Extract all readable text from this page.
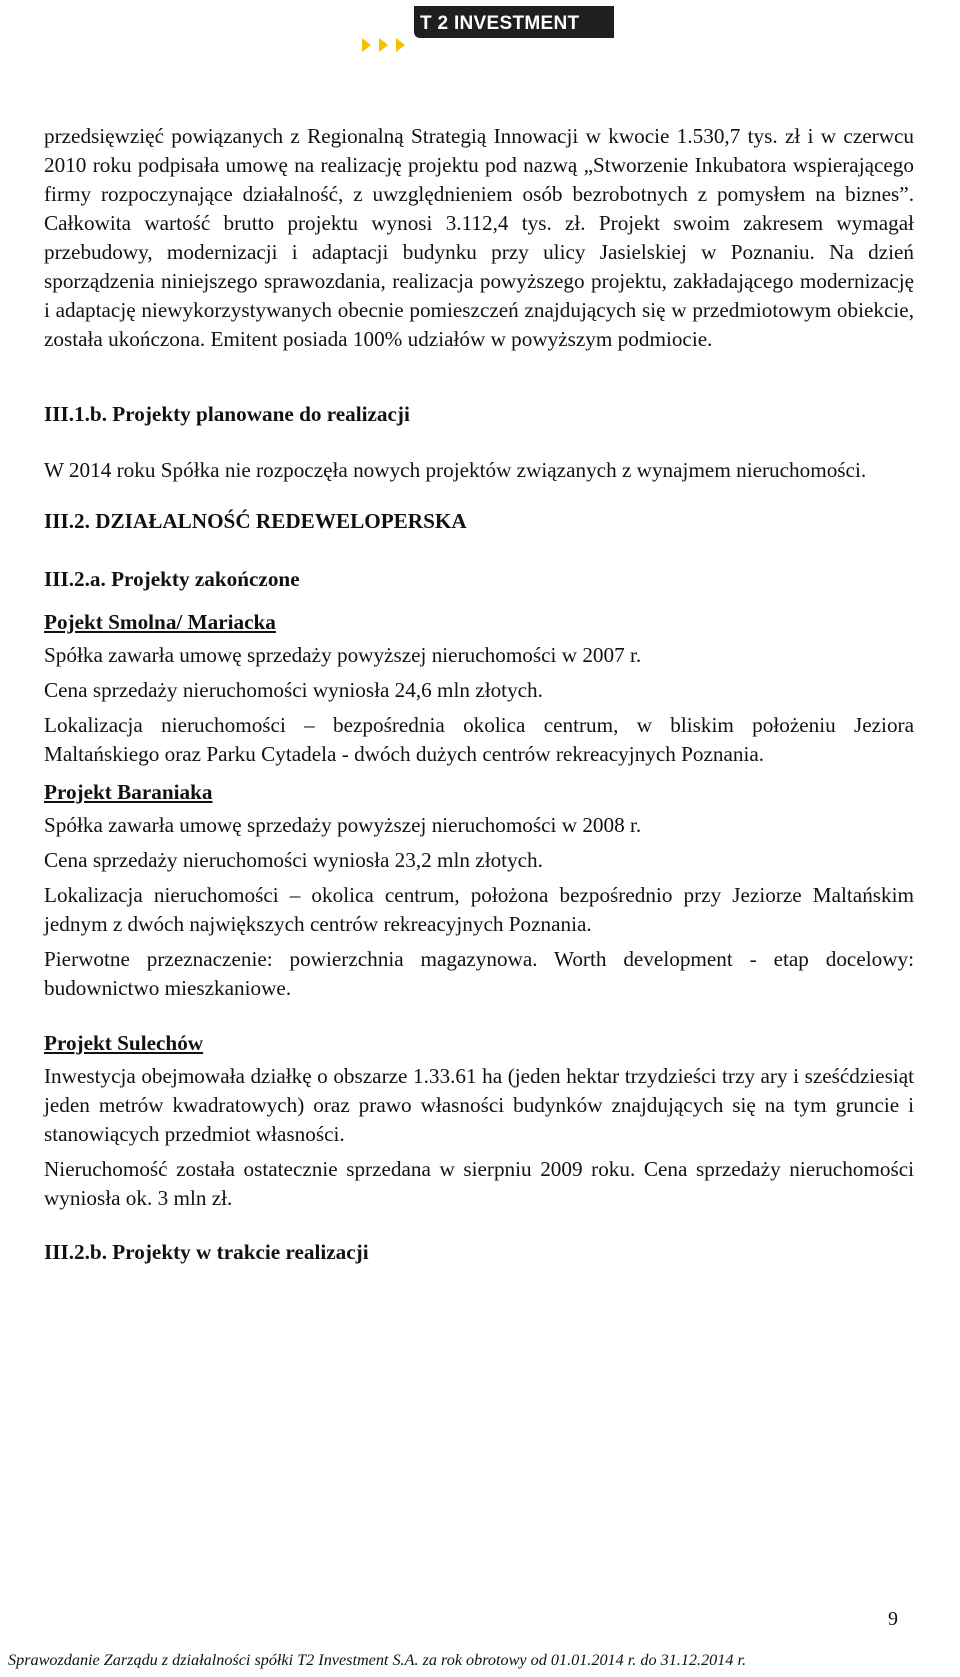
T 2 INVESTMENT

przedsięwzięć powiązanych z Regionalną Strategią Innowacji w kwocie 1.530,7 tys. zł i w czerwcu 2010 roku podpisała umowę na realizację projektu pod nazwą „Stworzenie Inkubatora wspierającego firmy rozpoczynające działalność, z uwzględnieniem osób bezrobotnych z pomysłem na biznes”. Całkowita wartość brutto projektu wynosi 3.112,4 tys. zł. Projekt swoim zakresem wymagał przebudowy, modernizacji i adaptacji budynku przy ulicy Jasielskiej w Poznaniu. Na dzień sporządzenia niniejszego sprawozdania, realizacja powyższego projektu, zakładającego modernizację i adaptację niewykorzystywanych obecnie pomieszczeń znajdujących się w przedmiotowym obiekcie, została ukończona. Emitent posiada 100% udziałów w powyższym podmiocie.

III.1.b. Projekty planowane do realizacji

W 2014 roku Spółka nie rozpoczęła nowych projektów związanych z wynajmem nieruchomości.

III.2. DZIAŁALNOŚĆ REDEWELOPERSKA

III.2.a. Projekty zakończone

Pojekt Smolna/ Mariacka

Spółka zawarła umowę sprzedaży powyższej nieruchomości w 2007 r.

Cena sprzedaży nieruchomości wyniosła 24,6 mln złotych.

Lokalizacja nieruchomości – bezpośrednia okolica centrum, w bliskim położeniu Jeziora Maltańskiego oraz Parku Cytadela - dwóch dużych centrów rekreacyjnych Poznania.

Projekt Baraniaka

Spółka zawarła umowę sprzedaży powyższej nieruchomości w 2008 r.

Cena sprzedaży nieruchomości wyniosła 23,2 mln złotych.

Lokalizacja nieruchomości – okolica centrum, położona bezpośrednio przy Jeziorze Maltańskim jednym z dwóch największych centrów rekreacyjnych Poznania.

Pierwotne przeznaczenie: powierzchnia magazynowa. Worth development - etap docelowy: budownictwo mieszkaniowe.

Projekt Sulechów

Inwestycja obejmowała działkę o obszarze 1.33.61 ha (jeden hektar trzydzieści trzy ary i sześćdziesiąt jeden metrów kwadratowych) oraz prawo własności budynków znajdujących się na tym gruncie i stanowiących przedmiot własności.

Nieruchomość została ostatecznie sprzedana w sierpniu 2009 roku. Cena sprzedaży nieruchomości wyniosła ok. 3 mln zł.

III.2.b. Projekty w trakcie realizacji

9
Sprawozdanie Zarządu z działalności spółki T2 Investment S.A. za rok obrotowy od 01.01.2014 r. do 31.12.2014 r.
